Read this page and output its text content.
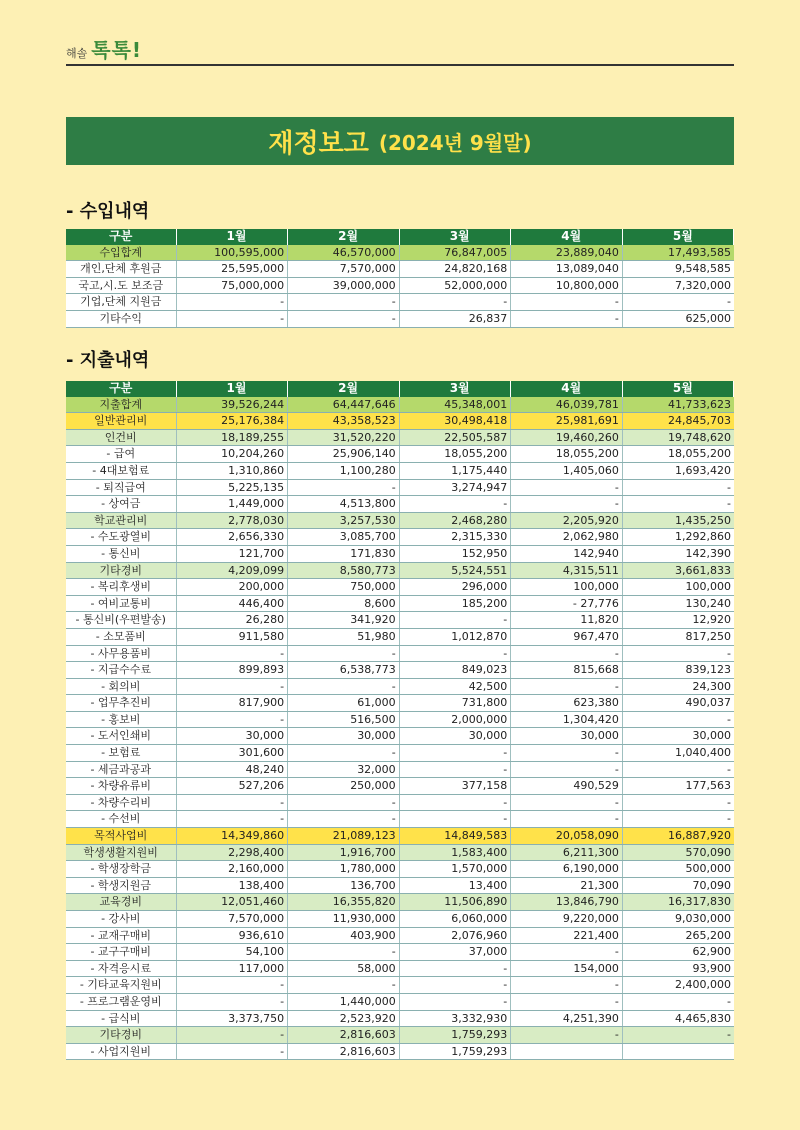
해솔 톡톡!
재정보고 (2024년 9월말)
- 수입내역
구분	1월	2월	3월	4월	5월
수입합계	100,595,000	46,570,000	76,847,005	23,889,040	17,493,585
개인,단체 후원금	25,595,000	7,570,000	24,820,168	13,089,040	9,548,585
국고,시.도 보조금	75,000,000	39,000,000	52,000,000	10,800,000	7,320,000
기업,단체 지원금	-	-	-	-	-
기타수익	-	-	26,837	-	625,000
- 지출내역
구분	1월	2월	3월	4월	5월
지출합계	39,526,244	64,447,646	45,348,001	46,039,781	41,733,623
일반관리비	25,176,384	43,358,523	30,498,418	25,981,691	24,845,703
인건비	18,189,255	31,520,220	22,505,587	19,460,260	19,748,620
- 급여	10,204,260	25,906,140	18,055,200	18,055,200	18,055,200
- 4대보험료	1,310,860	1,100,280	1,175,440	1,405,060	1,693,420
- 퇴직급여	5,225,135	-	3,274,947	-	-
- 상여금	1,449,000	4,513,800	-	-	-
학교관리비	2,778,030	3,257,530	2,468,280	2,205,920	1,435,250
- 수도광열비	2,656,330	3,085,700	2,315,330	2,062,980	1,292,860
- 통신비	121,700	171,830	152,950	142,940	142,390
기타경비	4,209,099	8,580,773	5,524,551	4,315,511	3,661,833
- 복리후생비	200,000	750,000	296,000	100,000	100,000
- 여비교통비	446,400	8,600	185,200	- 27,776	130,240
- 통신비(우편발송)	26,280	341,920	-	11,820	12,920
- 소모품비	911,580	51,980	1,012,870	967,470	817,250
- 사무용품비	-	-	-	-	-
- 지급수수료	899,893	6,538,773	849,023	815,668	839,123
- 회의비	-	-	42,500	-	24,300
- 업무추진비	817,900	61,000	731,800	623,380	490,037
- 홍보비	-	516,500	2,000,000	1,304,420	-
- 도서인쇄비	30,000	30,000	30,000	30,000	30,000
- 보험료	301,600	-	-	-	1,040,400
- 세금과공과	48,240	32,000	-	-	-
- 차량유류비	527,206	250,000	377,158	490,529	177,563
- 차량수리비	-	-	-	-	-
- 수선비	-	-	-	-	-
목적사업비	14,349,860	21,089,123	14,849,583	20,058,090	16,887,920
학생생활지원비	2,298,400	1,916,700	1,583,400	6,211,300	570,090
- 학생장학금	2,160,000	1,780,000	1,570,000	6,190,000	500,000
- 학생지원금	138,400	136,700	13,400	21,300	70,090
교육경비	12,051,460	16,355,820	11,506,890	13,846,790	16,317,830
- 강사비	7,570,000	11,930,000	6,060,000	9,220,000	9,030,000
- 교재구매비	936,610	403,900	2,076,960	221,400	265,200
- 교구구매비	54,100	-	37,000	-	62,900
- 자격응시료	117,000	58,000	-	154,000	93,900
- 기타교육지원비	-	-	-	-	2,400,000
- 프로그램운영비	-	1,440,000	-	-	-
- 급식비	3,373,750	2,523,920	3,332,930	4,251,390	4,465,830
기타경비	-	2,816,603	1,759,293	-	-
- 사업지원비	-	2,816,603	1,759,293		
